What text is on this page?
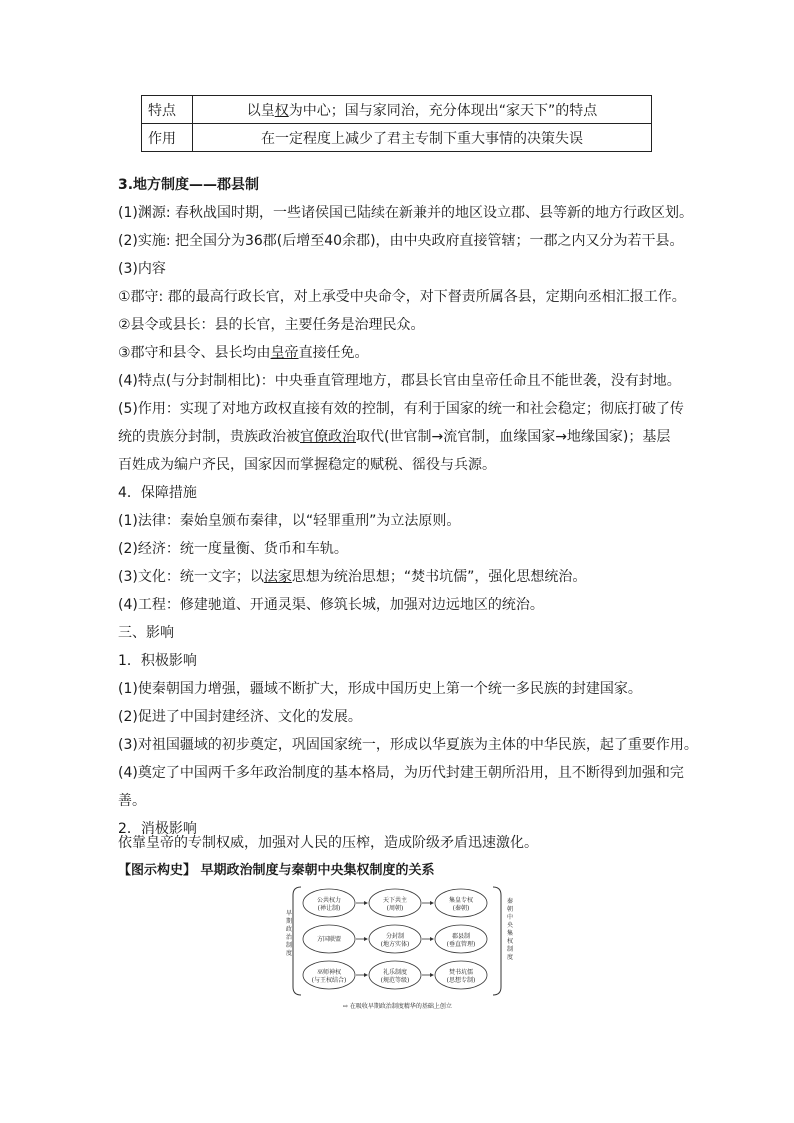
特点	以皇权为中心；国与家同治，充分体现出“家天下”的特点
作用	在一定程度上减少了君主专制下重大事情的决策失误
3.地方制度——郡县制
(1)渊源: 春秋战国时期，一些诸侯国已陆续在新兼并的地区设立郡、县等新的地方行政区划。
(2)实施: 把全国分为36郡(后增至40余郡)，由中央政府直接管辖；一郡之内又分为若干县。
(3)内容
①郡守: 郡的最高行政长官，对上承受中央命令，对下督责所属各县，定期向丞相汇报工作。
②县令或县长：县的长官，主要任务是治理民众。
③郡守和县令、县长均由皇帝直接任免。
(4)特点(与分封制相比)：中央垂直管理地方，郡县长官由皇帝任命且不能世袭，没有封地。
(5)作用：实现了对地方政权直接有效的控制，有利于国家的统一和社会稳定；彻底打破了传
统的贵族分封制，贵族政治被官僚政治取代(世官制→流官制，血缘国家→地缘国家)；基层
百姓成为编户齐民，国家因而掌握稳定的赋税、徭役与兵源。
4．保障措施
(1)法律：秦始皇颁布秦律，以“轻罪重刑”为立法原则。
(2)经济：统一度量衡、货币和车轨。
(3)文化：统一文字；以法家思想为统治思想；“焚书坑儒”，强化思想统治。
(4)工程：修建驰道、开通灵渠、修筑长城，加强对边远地区的统治。
三、影响
1．积极影响
(1)使秦朝国力增强，疆域不断扩大，形成中国历史上第一个统一多民族的封建国家。
(2)促进了中国封建经济、文化的发展。
(3)对祖国疆域的初步奠定，巩固国家统一，形成以华夏族为主体的中华民族，起了重要作用。
(4)奠定了中国两千多年政治制度的基本格局，为历代封建王朝所沿用，且不断得到加强和完
善。
2．消极影响
依靠皇帝的专制权威，加强对人民的压榨，造成阶级矛盾迅速激化。
【图示构史】 早期政治制度与秦朝中央集权制度的关系
早
期
政
治
制
度
秦
朝
中
央
集
权
制
度
公共权力
(禅让制)
天下共主
(周朝)
集皇专权
(秦朝)
方国联盟	分封制
(地方实体)
郡县制
(垂直管理)
巫师神权
(与王权结合)
礼乐制度
(规范等级)
焚书坑儒
(思想专制)
⇨ 在吸收早期政治制度精华的基础上创立
